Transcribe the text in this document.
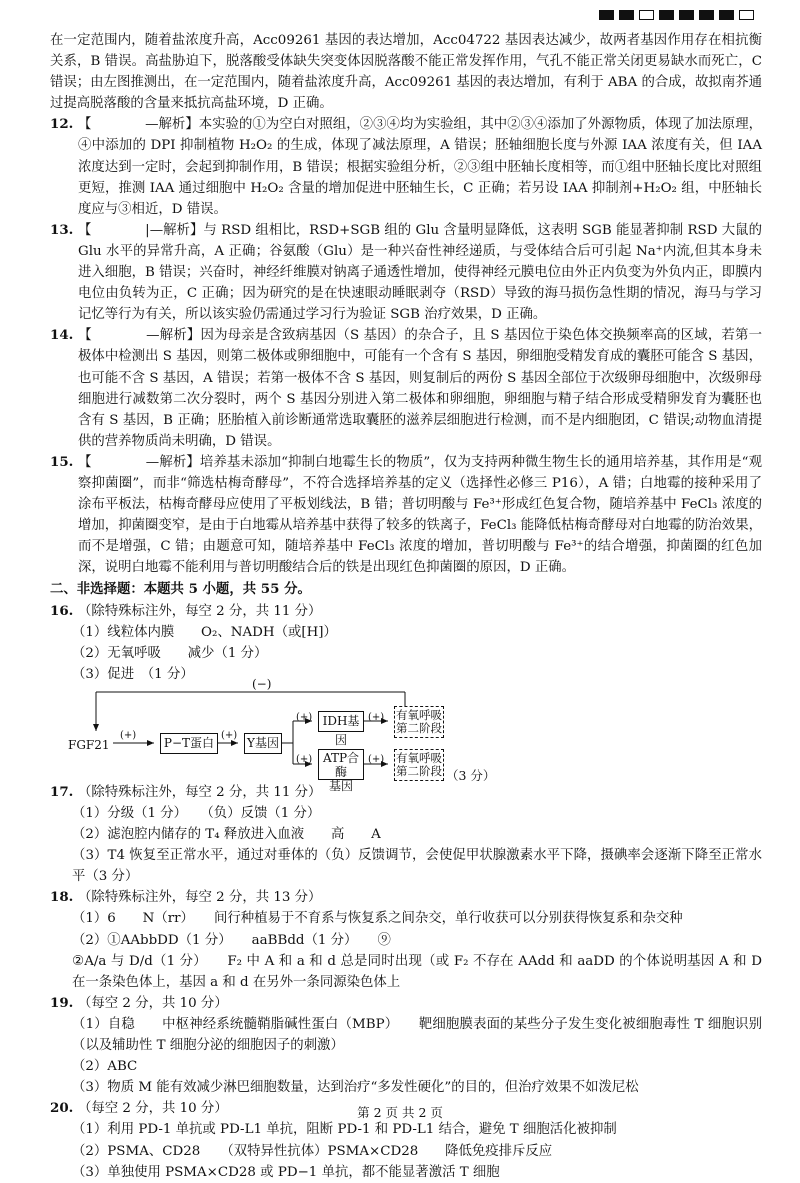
在一定范围内，随着盐浓度升高，Acc09261 基因的表达增加，Acc04722 基因表达减少，故两者基因作用存在相抗衡关系，B 错误。高盐胁迫下，脱落酸受体缺失突变体因脱落酸不能正常发挥作用，气孔不能正常关闭更易缺水而死亡，C 错误；由左图推测出，在一定范围内，随着盐浓度升高，Acc09261 基因的表达增加，有利于 ABA 的合成，故拟南芥通过提高脱落酸的含量来抵抗高盐环境，D 正确。

12. 【　　　　—解析】本实验的①为空白对照组，②③④均为实验组，其中②③④添加了外源物质，体现了加法原理，④中添加的 DPI 抑制植物 H₂O₂ 的生成，体现了减法原理，A 错误；胚轴细胞长度与外源 IAA 浓度有关，但 IAA 浓度达到一定时，会起到抑制作用，B 错误；根据实验组分析，②③组中胚轴长度相等，而①组中胚轴长度比对照组更短，推测 IAA 通过细胞中 H₂O₂ 含量的增加促进中胚轴生长，C 正确；若另设 IAA 抑制剂+H₂O₂ 组，中胚轴长度应与③相近，D 错误。

13. 【　　　　|—解析】与 RSD 组相比，RSD+SGB 组的 Glu 含量明显降低，这表明 SGB 能显著抑制 RSD 大鼠的 Glu 水平的异常升高，A 正确；谷氨酸（Glu）是一种兴奋性神经递质，与受体结合后可引起 Na⁺内流,但其本身未进入细胞，B 错误；兴奋时，神经纤维膜对钠离子通透性增加，使得神经元膜电位由外正内负变为外负内正，即膜内电位由负转为正，C 正确；因为研究的是在快速眼动睡眠剥夺（RSD）导致的海马损伤急性期的情况，海马与学习记忆等行为有关，所以该实验仍需通过学习行为验证 SGB 治疗效果，D 正确。

14. 【　　　　—解析】因为母亲是含致病基因（S 基因）的杂合子，且 S 基因位于染色体交换频率高的区域，若第一极体中检测出 S 基因，则第二极体或卵细胞中，可能有一个含有 S 基因，卵细胞受精发育成的囊胚可能含 S 基因，也可能不含 S 基因，A 错误；若第一极体不含 S 基因，则复制后的两份 S 基因全部位于次级卵母细胞中，次级卵母细胞进行减数第二次分裂时，两个 S 基因分别进入第二极体和卵细胞，卵细胞与精子结合形成受精卵发育为囊胚也含有 S 基因，B 正确；胚胎植入前诊断通常选取囊胚的滋养层细胞进行检测，而不是内细胞团，C 错误;动物血清提供的营养物质尚未明确，D 错误。

15. 【　　　　—解析】培养基未添加“抑制白地霉生长的物质”，仅为支持两种微生物生长的通用培养基，其作用是“观察抑菌圈”，而非“筛选枯梅奇酵母”，不符合选择培养基的定义（选择性必修三 P16），A 错；白地霉的接种采用了涂布平板法，枯梅奇酵母应使用了平板划线法，B 错；普切明酸与 Fe³⁺形成红色复合物，随培养基中 FeCl₃ 浓度的增加，抑菌圈变窄，是由于白地霉从培养基中获得了较多的铁离子，FeCl₃ 能降低枯梅奇酵母对白地霉的防治效果，而不是增强，C 错；由题意可知，随培养基中 FeCl₃ 浓度的增加，普切明酸与 Fe³⁺的结合增强，抑菌圈的红色加深，说明白地霉不能利用与普切明酸结合后的铁是出现红色抑菌圈的原因，D 正确。

二、非选择题：本题共 5 小题，共 55 分。

16. （除特殊标注外，每空 2 分，共 11 分）

（1）线粒体内膜　　O₂、NADH（或[H]）

（2）无氧呼吸　　减少（1 分）

（3）促进　（1 分）

(−)
FGF21
(+)
P−T蛋白
(+)
Y基因
(+)
(+)
IDH基因
ATP合酶
基因
(+)
(+)
有氧呼吸
第二阶段
有氧呼吸
第二阶段 （3 分）

17. （除特殊标注外，每空 2 分，共 11 分）

（1）分级（1 分）　　（负）反馈（1 分）

（2）滤泡腔内储存的 T₄ 释放进入血液　　高　　A

（3）T4 恢复至正常水平，通过对垂体的（负）反馈调节，会使促甲状腺激素水平下降，摄碘率会逐渐下降至正常水平（3 分）

18. （除特殊标注外，每空 2 分，共 13 分）

（1）6　　N（rr）　　间行种植易于不育系与恢复系之间杂交，单行收获可以分别获得恢复系和杂交种

（2）①AAbbDD（1 分）　　aaBBdd（1 分）　　⑨

②A/a 与 D/d（1 分）　　F₂ 中 A 和 a 和 d 总是同时出现（或 F₂ 不存在 AAdd 和 aaDD 的个体说明基因 A 和 D 在一条染色体上，基因 a 和 d 在另外一条同源染色体上

19. （每空 2 分，共 10 分）

（1）自稳　　中枢神经系统髓鞘脂碱性蛋白（MBP）　　靶细胞膜表面的某些分子发生变化被细胞毒性 T 细胞识别（以及辅助性 T 细胞分泌的细胞因子的刺激）

（2）ABC

（3）物质 M 能有效减少淋巴细胞数量，达到治疗“多发性硬化”的目的，但治疗效果不如泼尼松

20. （每空 2 分，共 10 分）

（1）利用 PD-1 单抗或 PD-L1 单抗，阻断 PD-1 和 PD-L1 结合，避免 T 细胞活化被抑制

（2）PSMA、CD28　　（双特异性抗体）PSMA×CD28　　降低免疫排斥反应

（3）单独使用 PSMA×CD28 或 PD−1 单抗，都不能显著激活 T 细胞

第 2 页 共 2 页
